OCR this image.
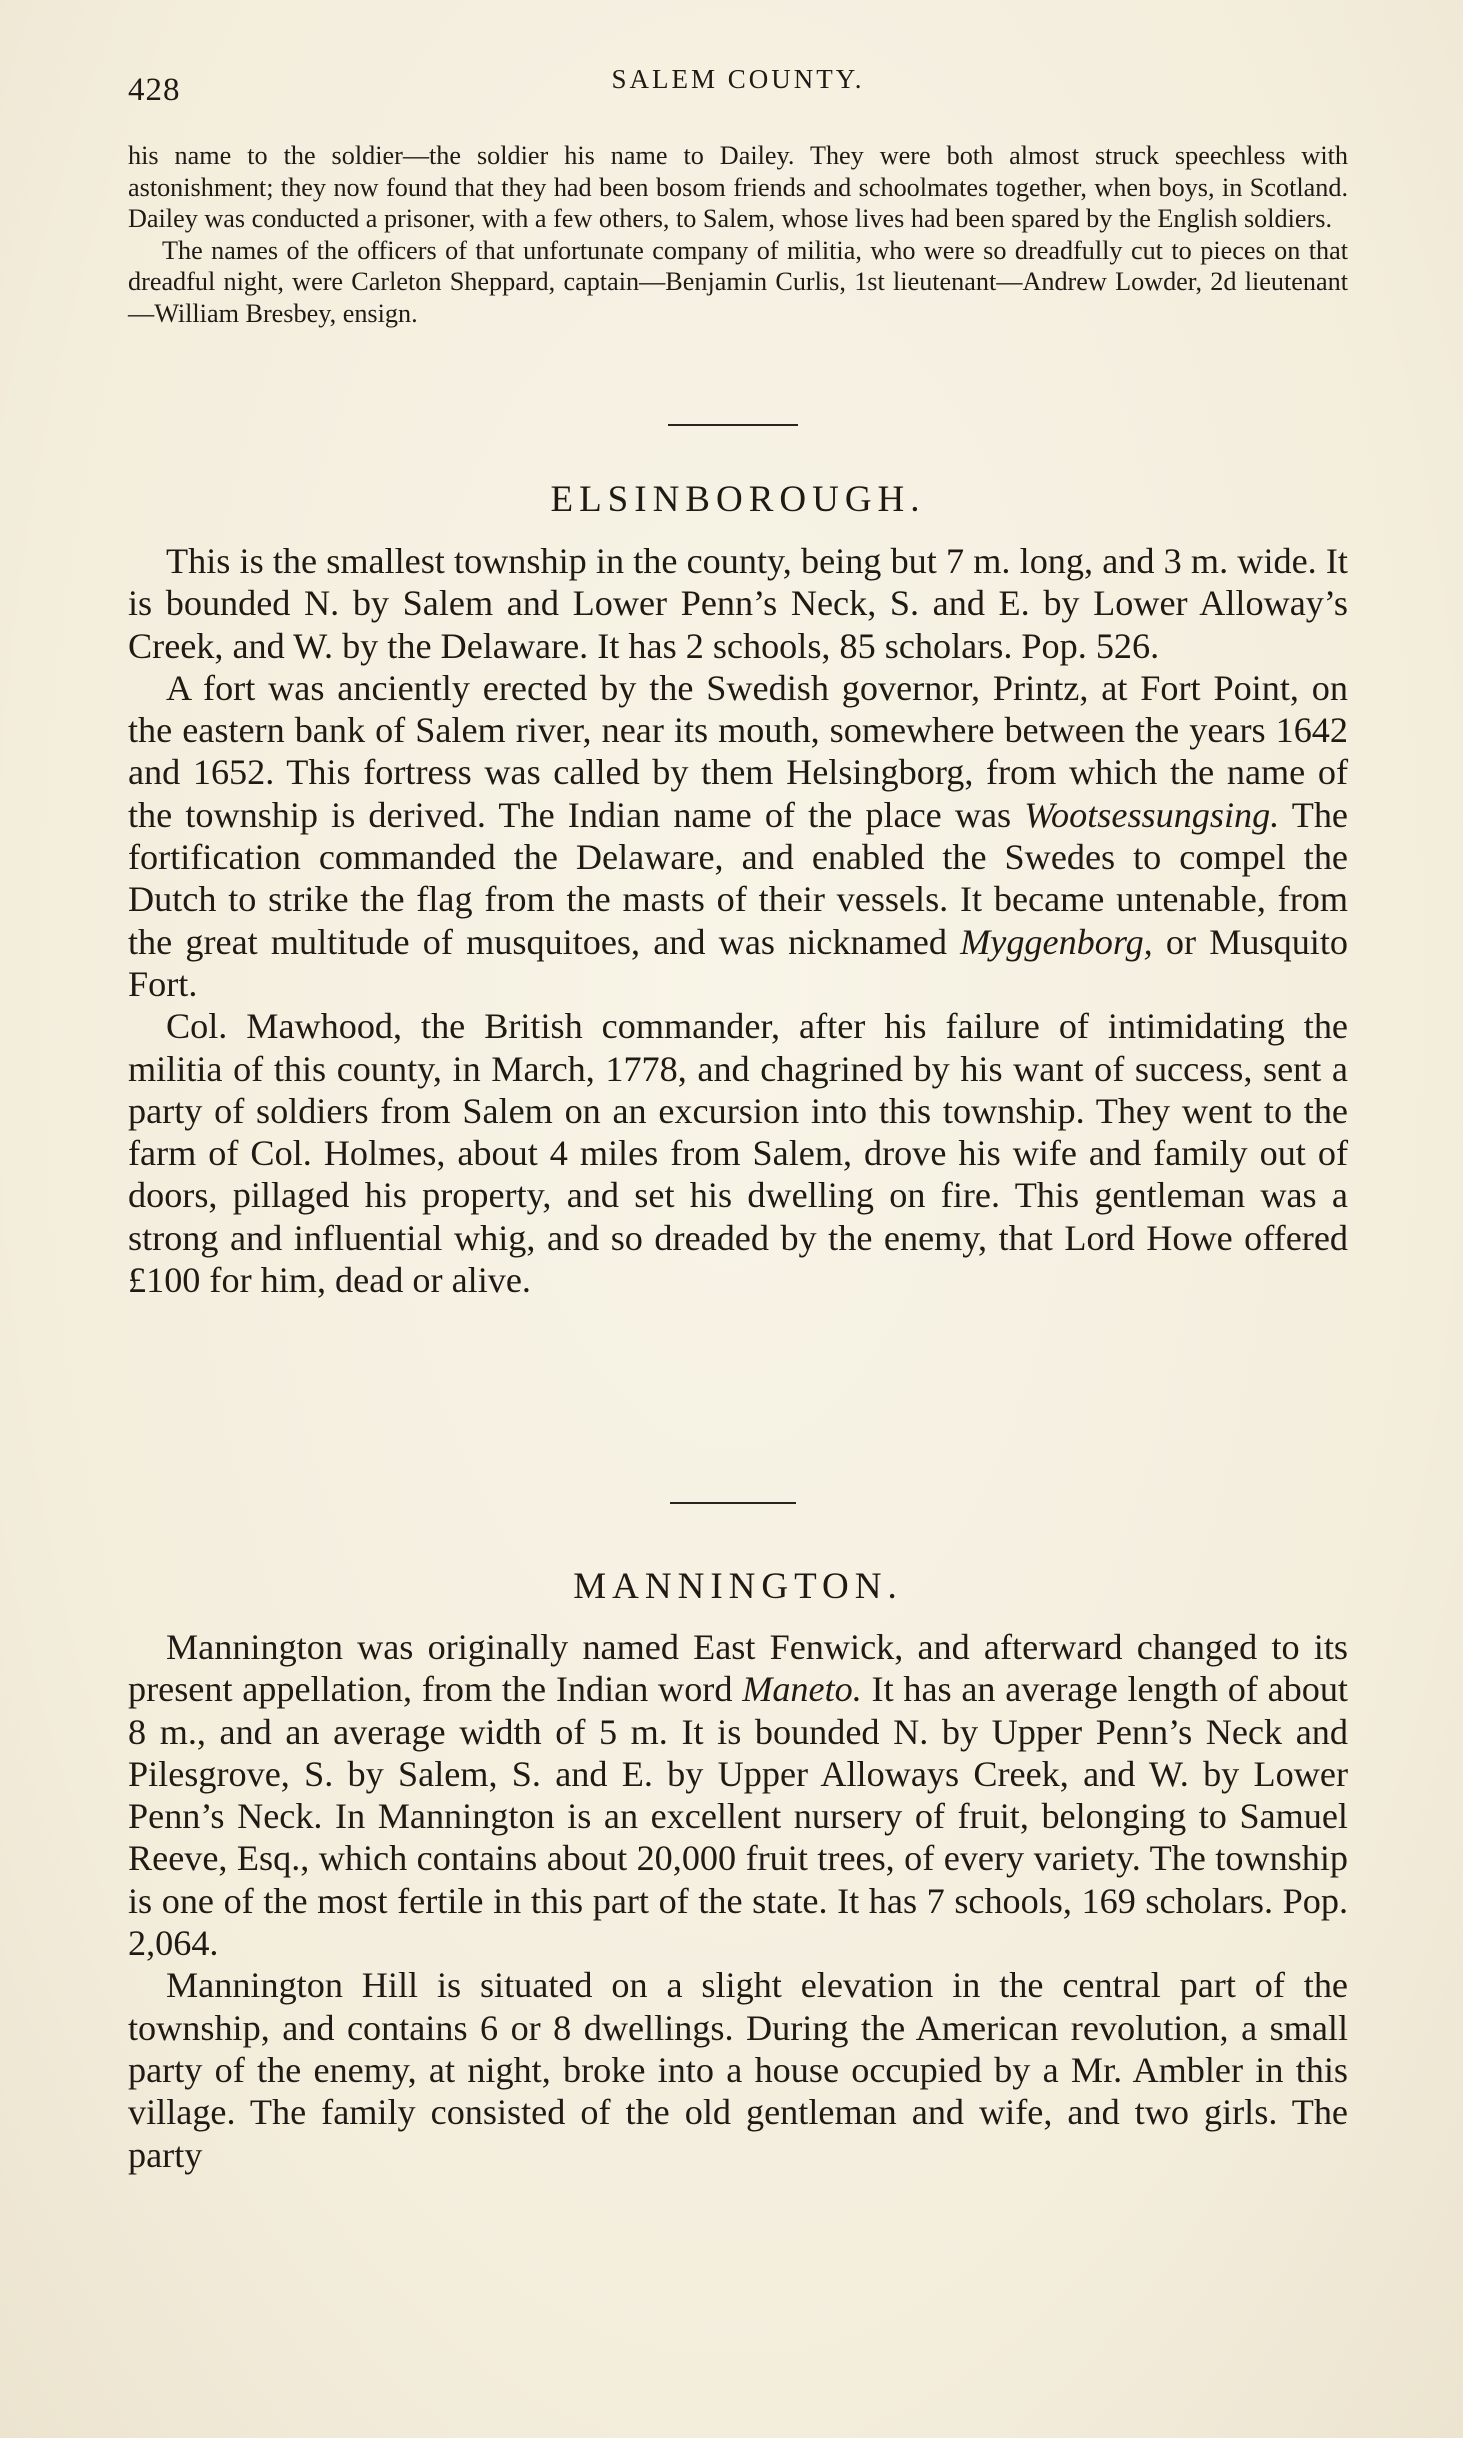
428	SALEM COUNTY.

his name to the soldier—the soldier his name to Dailey. They were both almost struck speechless with astonishment; they now found that they had been bosom friends and schoolmates together, when boys, in Scotland. Dailey was conducted a prisoner, with a few others, to Salem, whose lives had been spared by the English soldiers.

The names of the officers of that unfortunate company of militia, who were so dreadfully cut to pieces on that dreadful night, were Carleton Sheppard, captain—Benjamin Curlis, 1st lieutenant—Andrew Lowder, 2d lieutenant—William Bresbey, ensign.

ELSINBOROUGH.

This is the smallest township in the county, being but 7 m. long, and 3 m. wide. It is bounded N. by Salem and Lower Penn’s Neck, S. and E. by Lower Alloway’s Creek, and W. by the Delaware. It has 2 schools, 85 scholars. Pop. 526.

A fort was anciently erected by the Swedish governor, Printz, at Fort Point, on the eastern bank of Salem river, near its mouth, somewhere between the years 1642 and 1652. This fortress was called by them Helsingborg, from which the name of the township is derived. The Indian name of the place was Wootsessungsing. The fortification commanded the Delaware, and enabled the Swedes to compel the Dutch to strike the flag from the masts of their vessels. It became untenable, from the great multitude of musquitoes, and was nicknamed Myggenborg, or Musquito Fort.

Col. Mawhood, the British commander, after his failure of intimidating the militia of this county, in March, 1778, and chagrined by his want of success, sent a party of soldiers from Salem on an excursion into this township. They went to the farm of Col. Holmes, about 4 miles from Salem, drove his wife and family out of doors, pillaged his property, and set his dwelling on fire. This gentleman was a strong and influential whig, and so dreaded by the enemy, that Lord Howe offered £100 for him, dead or alive.

MANNINGTON.

Mannington was originally named East Fenwick, and afterward changed to its present appellation, from the Indian word Maneto. It has an average length of about 8 m., and an average width of 5 m. It is bounded N. by Upper Penn’s Neck and Pilesgrove, S. by Salem, S. and E. by Upper Alloways Creek, and W. by Lower Penn’s Neck. In Mannington is an excellent nursery of fruit, belonging to Samuel Reeve, Esq., which contains about 20,000 fruit trees, of every variety. The township is one of the most fertile in this part of the state. It has 7 schools, 169 scholars. Pop. 2,064.

Mannington Hill is situated on a slight elevation in the central part of the township, and contains 6 or 8 dwellings. During the American revolution, a small party of the enemy, at night, broke into a house occupied by a Mr. Ambler in this village. The family consisted of the old gentleman and wife, and two girls. The party
